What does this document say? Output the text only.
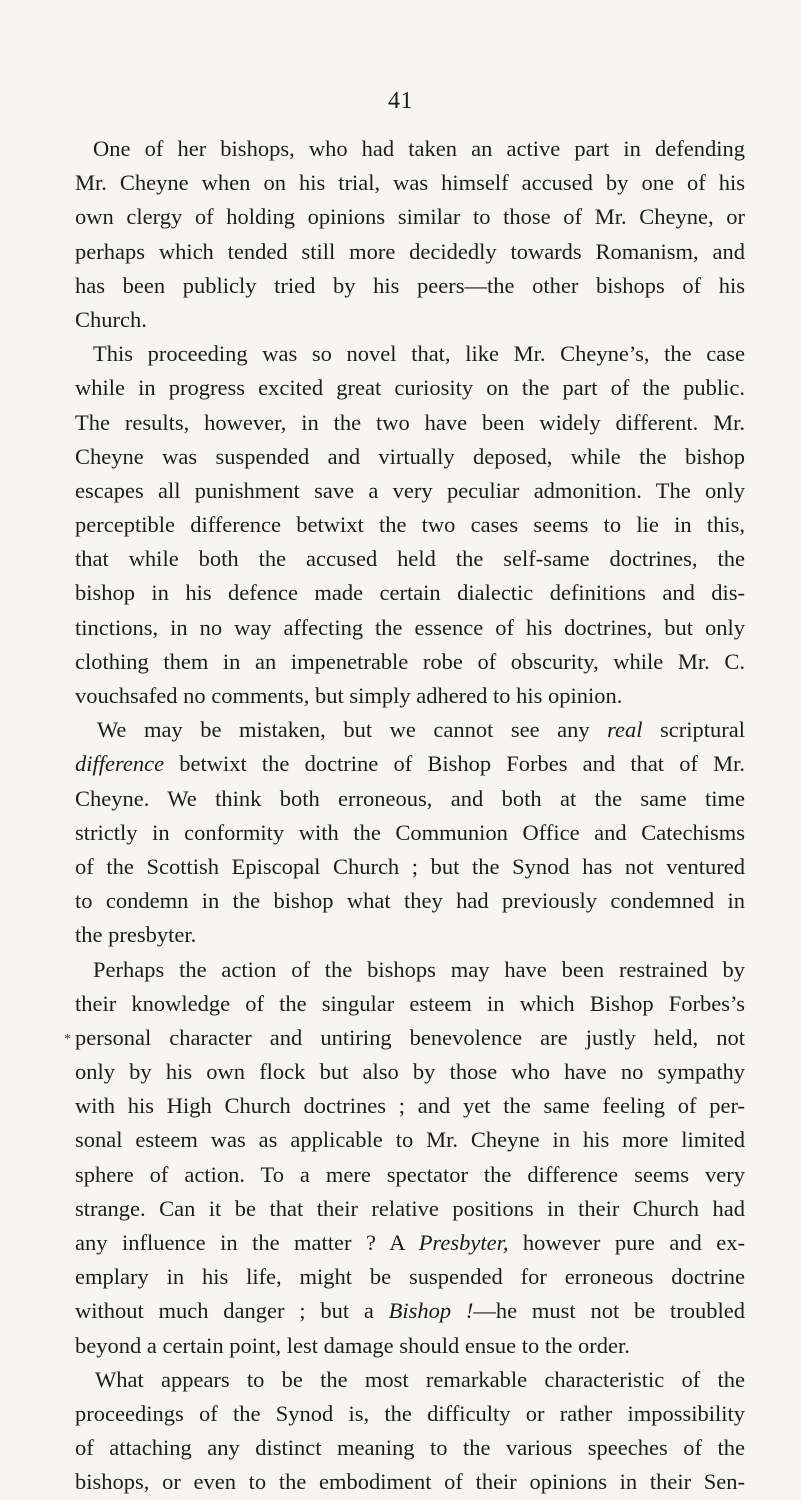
41
*
One of her bishops, who had taken an active part in defending
Mr. Cheyne when on his trial, was himself accused by one of his
own clergy of holding opinions similar to those of Mr. Cheyne, or
perhaps which tended still more decidedly towards Romanism, and
has been publicly tried by his peers—the other bishops of his
Church.
This proceeding was so novel that, like Mr. Cheyne’s, the case
while in progress excited great curiosity on the part of the public.
The results, however, in the two have been widely different. Mr.
Cheyne was suspended and virtually deposed, while the bishop
escapes all punishment save a very peculiar admonition. The only
perceptible difference betwixt the two cases seems to lie in this,
that while both the accused held the self-same doctrines, the
bishop in his defence made certain dialectic definitions and dis-
tinctions, in no way affecting the essence of his doctrines, but only
clothing them in an impenetrable robe of obscurity, while Mr. C.
vouchsafed no comments, but simply adhered to his opinion.
We may be mistaken, but we cannot see any real scriptural
difference betwixt the doctrine of Bishop Forbes and that of Mr.
Cheyne. We think both erroneous, and both at the same time
strictly in conformity with the Communion Office and Catechisms
of the Scottish Episcopal Church ; but the Synod has not ventured
to condemn in the bishop what they had previously condemned in
the presbyter.
Perhaps the action of the bishops may have been restrained by
their knowledge of the singular esteem in which Bishop Forbes’s
personal character and untiring benevolence are justly held, not
only by his own flock but also by those who have no sympathy
with his High Church doctrines ; and yet the same feeling of per-
sonal esteem was as applicable to Mr. Cheyne in his more limited
sphere of action. To a mere spectator the difference seems very
strange. Can it be that their relative positions in their Church had
any influence in the matter ? A Presbyter, however pure and ex-
emplary in his life, might be suspended for erroneous doctrine
without much danger ; but a Bishop !—he must not be troubled
beyond a certain point, lest damage should ensue to the order.
What appears to be the most remarkable characteristic of the
proceedings of the Synod is, the difficulty or rather impossibility
of attaching any distinct meaning to the various speeches of the
bishops, or even to the embodiment of their opinions in their Sen-
